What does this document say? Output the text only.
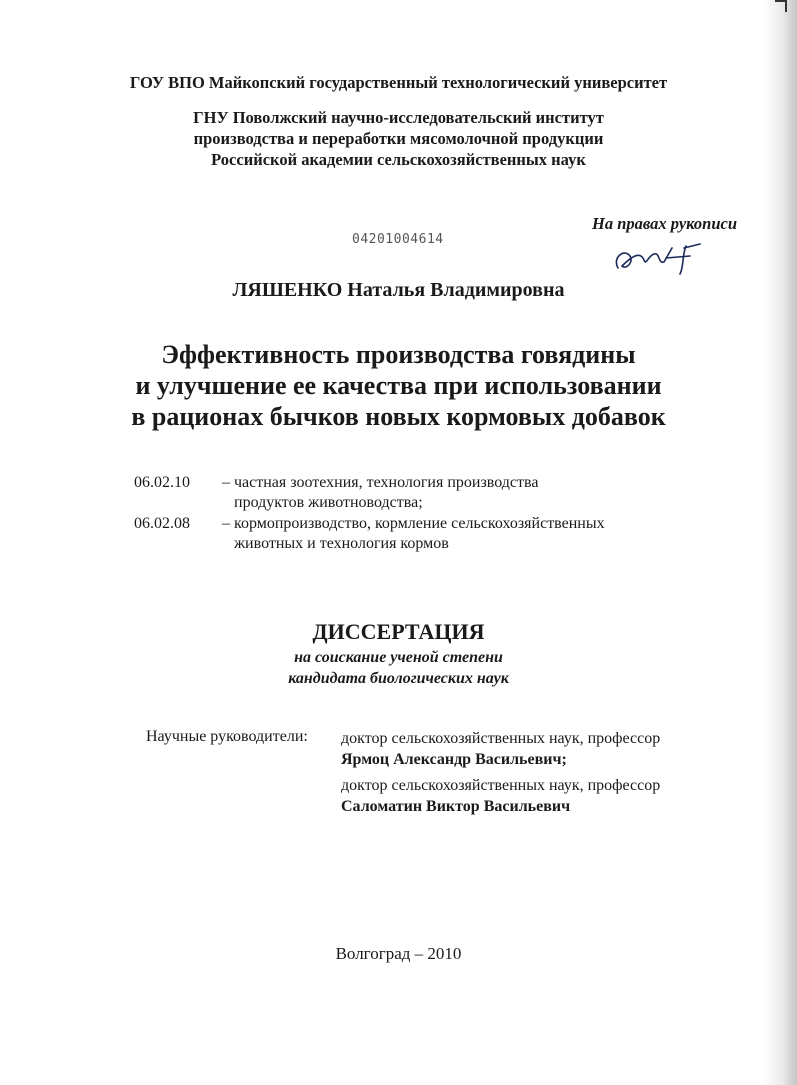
ГОУ ВПО Майкопский государственный технологический университет
ГНУ Поволжский научно-исследовательский институт
производства и переработки мясомолочной продукции
Российской академии сельскохозяйственных наук
На правах рукописи
04201004614
ЛЯШЕНКО Наталья Владимировна
Эффективность производства говядины
и улучшение ее качества при использовании
в рационах бычков новых кормовых добавок
06.02.10 – частная зоотехния, технология производства
продуктов животноводства;
06.02.08 – кормопроизводство, кормление сельскохозяйственных
животных и технология кормов
ДИССЕРТАЦИЯ
на соискание ученой степени
кандидата биологических наук
Научные руководители: доктор сельскохозяйственных наук, профессор
Ярмоц Александр Васильевич;
доктор сельскохозяйственных наук, профессор
Саломатин Виктор Васильевич
Волгоград – 2010
